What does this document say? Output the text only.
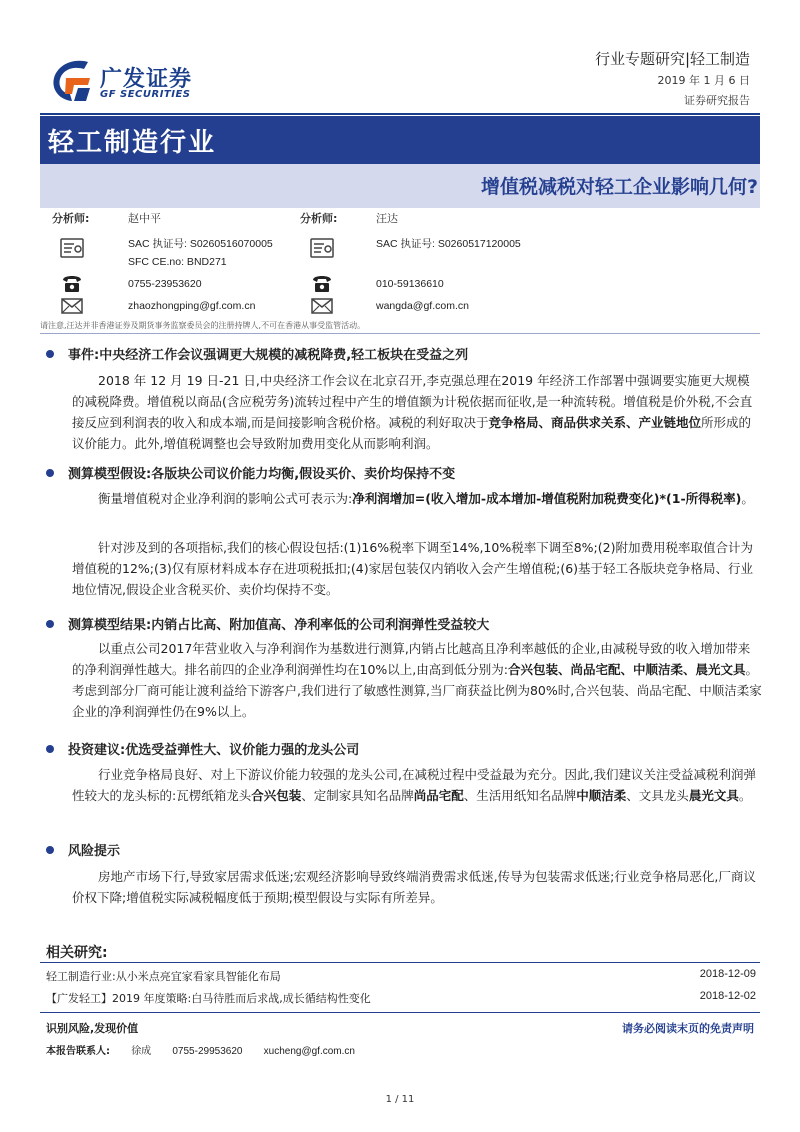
广发证券
GF SECURITIES
行业专题研究|轻工制造
2019 年 1 月 6 日
证券研究报告
轻工制造行业
增值税减税对轻工企业影响几何?
分析师:	赵中平
SAC 执证号: S0260516070005
SFC CE.no: BND271
0755-23953620
zhaozhongping@gf.com.cn
分析师:	汪达
SAC 执证号: S0260517120005
010-59136610
wangda@gf.com.cn
请注意,汪达并非香港证券及期货事务监察委员会的注册持牌人,不可在香港从事受监管活动。
事件:中央经济工作会议强调更大规模的减税降费,轻工板块在受益之列

2018 年 12 月 19 日-21 日,中央经济工作会议在北京召开,李克强总理在2019 年经济工作部署中强调要实施更大规模的减税降费。增值税以商品(含应税劳务)流转过程中产生的增值额为计税依据而征收,是一种流转税。增值税是价外税,不会直接反应到利润表的收入和成本端,而是间接影响含税价格。减税的利好取决于竞争格局、商品供求关系、产业链地位所形成的议价能力。此外,增值税调整也会导致附加费用变化从而影响利润。

测算模型假设:各版块公司议价能力均衡,假设买价、卖价均保持不变

衡量增值税对企业净利润的影响公式可表示为:净利润增加=(收入增加-成本增加-增值税附加税费变化)*(1-所得税率)。

针对涉及到的各项指标,我们的核心假设包括:(1)16%税率下调至14%,10%税率下调至8%;(2)附加费用税率取值合计为增值税的12%;(3)仅有原材料成本存在进项税抵扣;(4)家居包装仅内销收入会产生增值税;(6)基于轻工各版块竞争格局、行业地位情况,假设企业含税买价、卖价均保持不变。

测算模型结果:内销占比高、附加值高、净利率低的公司利润弹性受益较大

以重点公司2017年营业收入与净利润作为基数进行测算,内销占比越高且净利率越低的企业,由减税导致的收入增加带来的净利润弹性越大。排名前四的企业净利润弹性均在10%以上,由高到低分别为:合兴包装、尚品宅配、中顺洁柔、晨光文具。考虑到部分厂商可能让渡利益给下游客户,我们进行了敏感性测算,当厂商获益比例为80%时,合兴包装、尚品宅配、中顺洁柔家企业的净利润弹性仍在9%以上。

投资建议:优选受益弹性大、议价能力强的龙头公司

行业竞争格局良好、对上下游议价能力较强的龙头公司,在减税过程中受益最为充分。因此,我们建议关注受益减税利润弹性较大的龙头标的:瓦楞纸箱龙头合兴包装、定制家具知名品牌尚品宅配、生活用纸知名品牌中顺洁柔、文具龙头晨光文具。

风险提示

房地产市场下行,导致家居需求低迷;宏观经济影响导致终端消费需求低迷,传导为包装需求低迷;行业竞争格局恶化,厂商议价权下降;增值税实际减税幅度低于预期;模型假设与实际有所差异。

相关研究:
轻工制造行业:从小米点亮宜家看家具智能化布局	2018-12-09
【广发轻工】2019 年度策略:白马待胜而后求战,成长循结构性变化	2018-12-02
识别风险,发现价值	请务必阅读末页的免责声明
本报告联系人: 徐成 0755-29953620 xucheng@gf.com.cn
1 / 11
